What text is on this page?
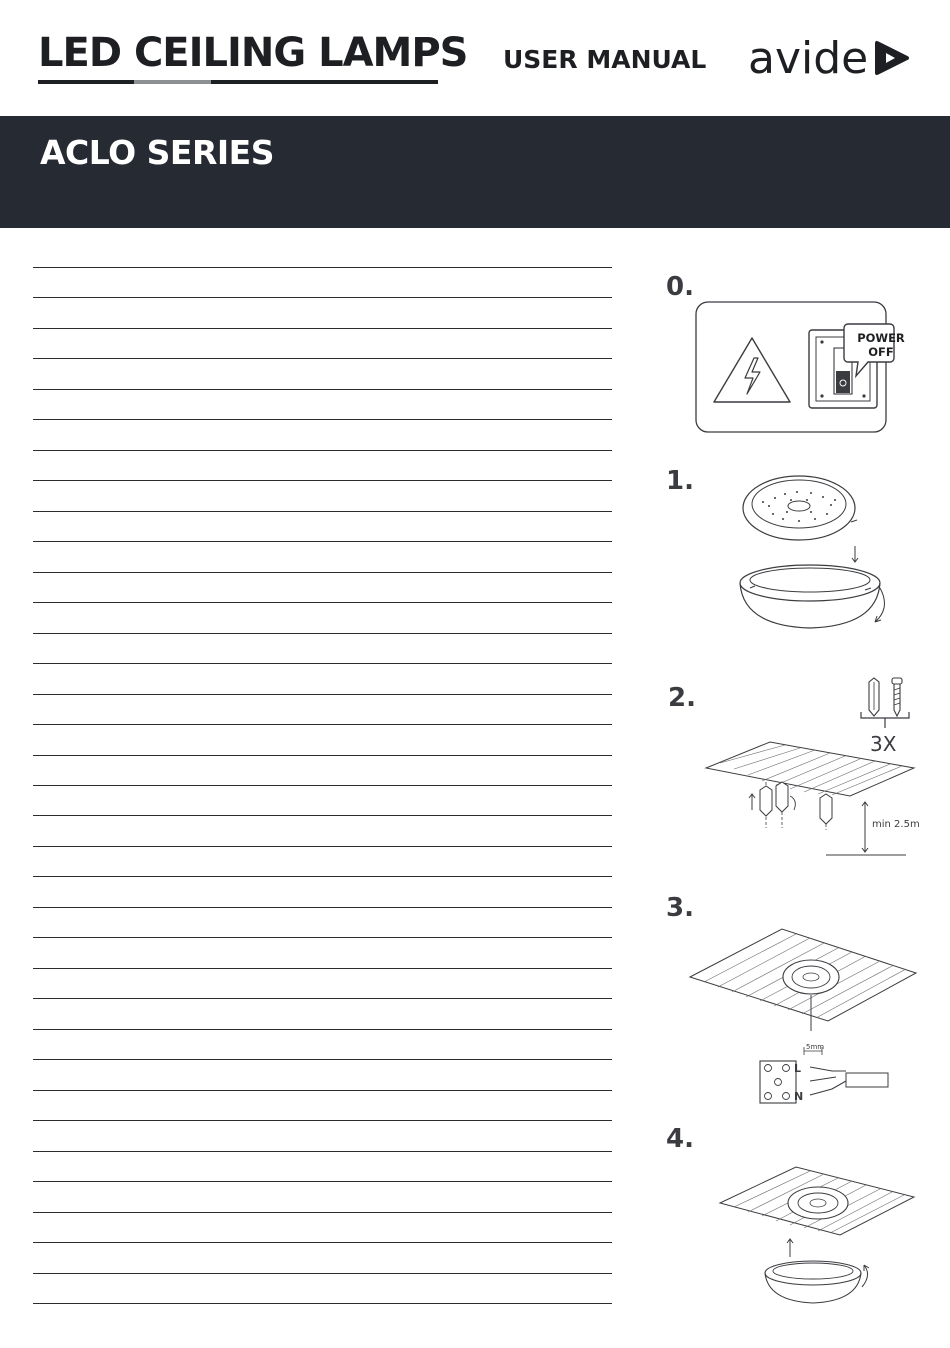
LED CEILING LAMPS USER MANUAL avide
ACLO SERIES
0.
POWER
OFF
1.
2.
3X
min 2.5m
3.
5mm
L
N
4.
